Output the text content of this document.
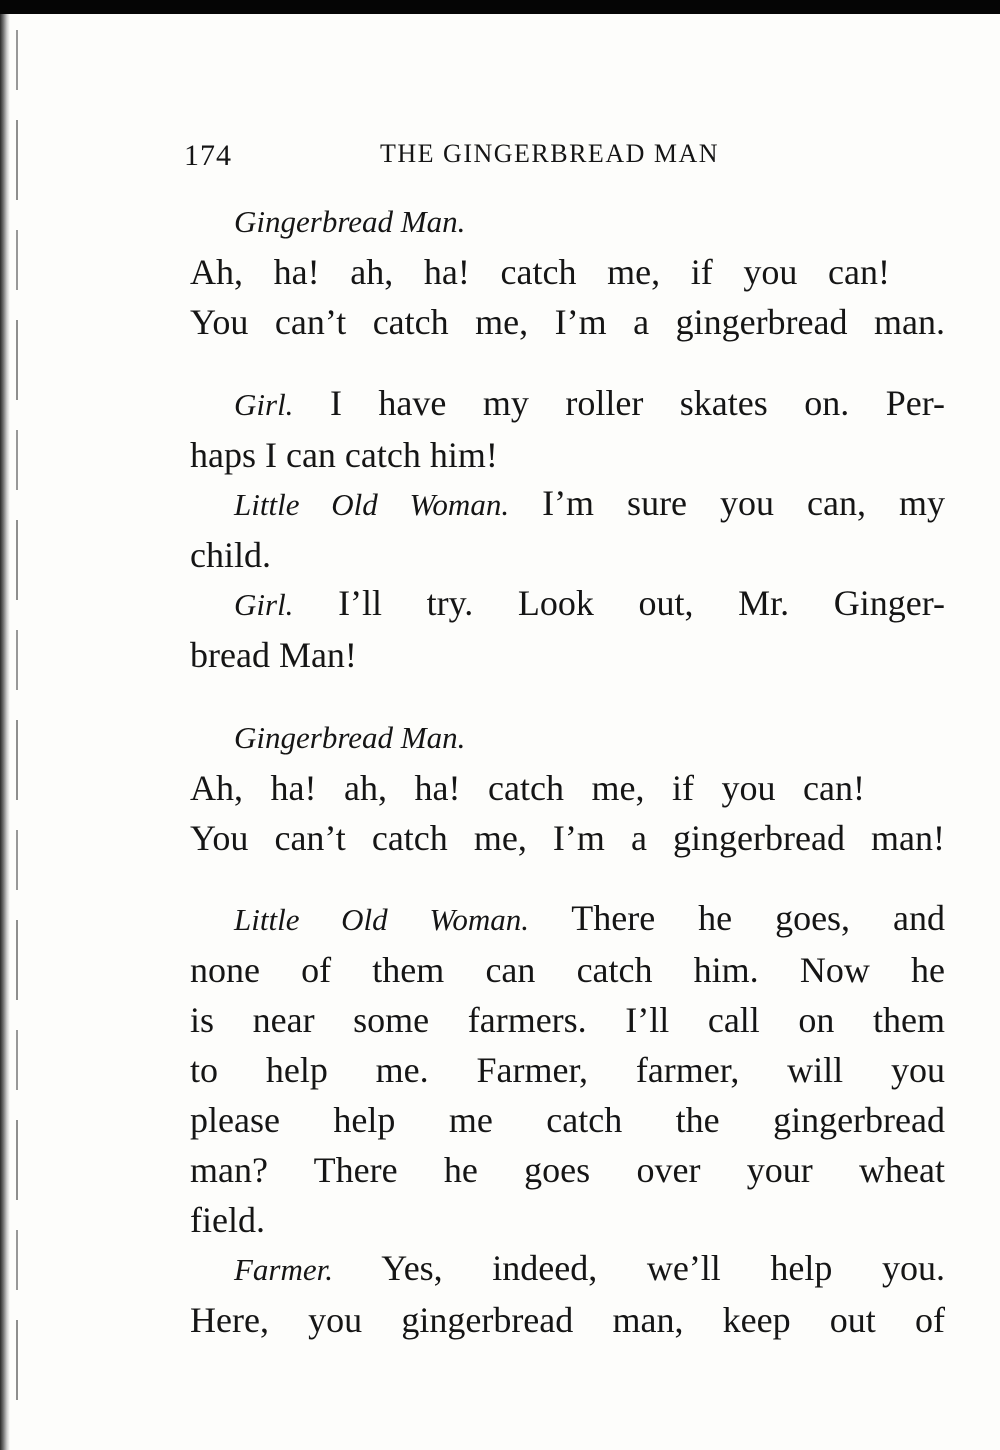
174	THE GINGERBREAD MAN
Gingerbread Man.
Ah, ha! ah, ha! catch me, if you can!
You can’t catch me, I’m a gingerbread man.
Girl. I have my roller skates on. Per-
haps I can catch him!
Little Old Woman. I’m sure you can, my
child.
Girl. I’ll try. Look out, Mr. Ginger-
bread Man!
Gingerbread Man.
Ah, ha! ah, ha! catch me, if you can!
You can’t catch me, I’m a gingerbread man!
Little Old Woman. There he goes, and
none of them can catch him. Now he
is near some farmers. I’ll call on them
to help me. Farmer, farmer, will you
please help me catch the gingerbread
man? There he goes over your wheat
field.
Farmer. Yes, indeed, we’ll help you.
Here, you gingerbread man, keep out of
